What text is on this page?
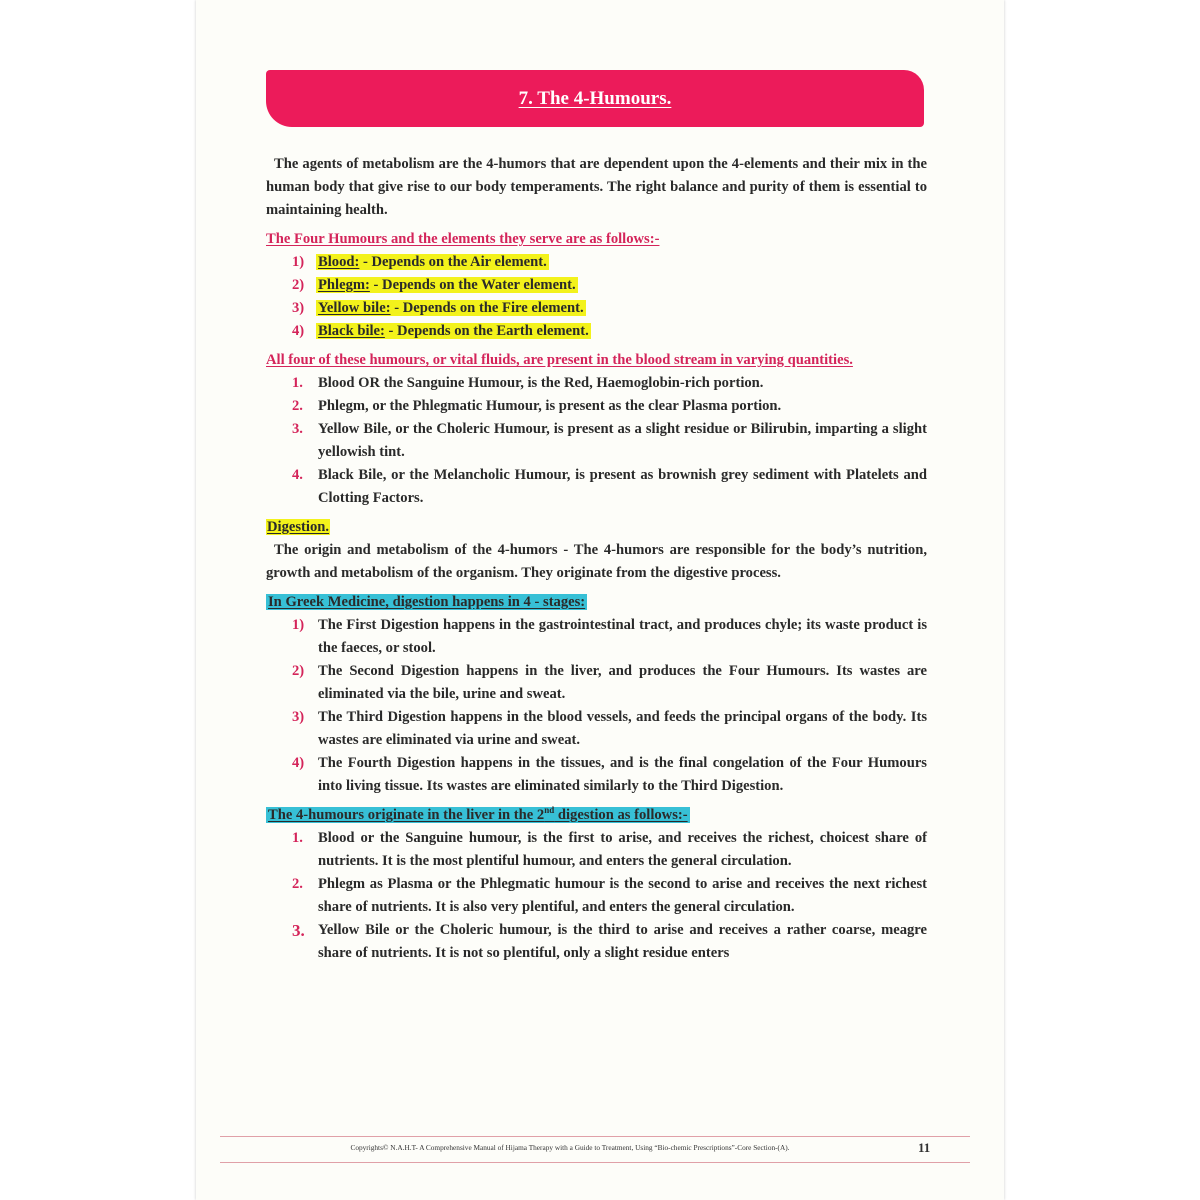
7. The 4-Humours.

The agents of metabolism are the 4-humors that are dependent upon the 4-elements and their mix in the human body that give rise to our body temperaments. The right balance and purity of them is essential to maintaining health.

The Four Humours and the elements they serve are as follows:-

1) Blood: - Depends on the Air element.
2) Phlegm: - Depends on the Water element.
3) Yellow bile: - Depends on the Fire element.
4) Black bile: - Depends on the Earth element.

All four of these humours, or vital fluids, are present in the blood stream in varying quantities.

1. Blood OR the Sanguine Humour, is the Red, Haemoglobin-rich portion.
2. Phlegm, or the Phlegmatic Humour, is present as the clear Plasma portion.
3. Yellow Bile, or the Choleric Humour, is present as a slight residue or Bilirubin, imparting a slight yellowish tint.
4. Black Bile, or the Melancholic Humour, is present as brownish grey sediment with Platelets and Clotting Factors.

Digestion.

The origin and metabolism of the 4-humors - The 4-humors are responsible for the body’s nutrition, growth and metabolism of the organism. They originate from the digestive process.

In Greek Medicine, digestion happens in 4 - stages:

1) The First Digestion happens in the gastrointestinal tract, and produces chyle; its waste product is the faeces, or stool.
2) The Second Digestion happens in the liver, and produces the Four Humours. Its wastes are eliminated via the bile, urine and sweat.
3) The Third Digestion happens in the blood vessels, and feeds the principal organs of the body. Its wastes are eliminated via urine and sweat.
4) The Fourth Digestion happens in the tissues, and is the final congelation of the Four Humours into living tissue. Its wastes are eliminated similarly to the Third Digestion.

The 4-humours originate in the liver in the 2nd digestion as follows:-

1. Blood or the Sanguine humour, is the first to arise, and receives the richest, choicest share of nutrients. It is the most plentiful humour, and enters the general circulation.
2. Phlegm as Plasma or the Phlegmatic humour is the second to arise and receives the next richest share of nutrients. It is also very plentiful, and enters the general circulation.
3. Yellow Bile or the Choleric humour, is the third to arise and receives a rather coarse, meagre share of nutrients. It is not so plentiful, only a slight residue enters
Copyrights© N.A.H.T- A Comprehensive Manual of Hijama Therapy with a Guide to Treatment, Using “Bio-chemic Prescriptions”-Core Section-(A).	11
